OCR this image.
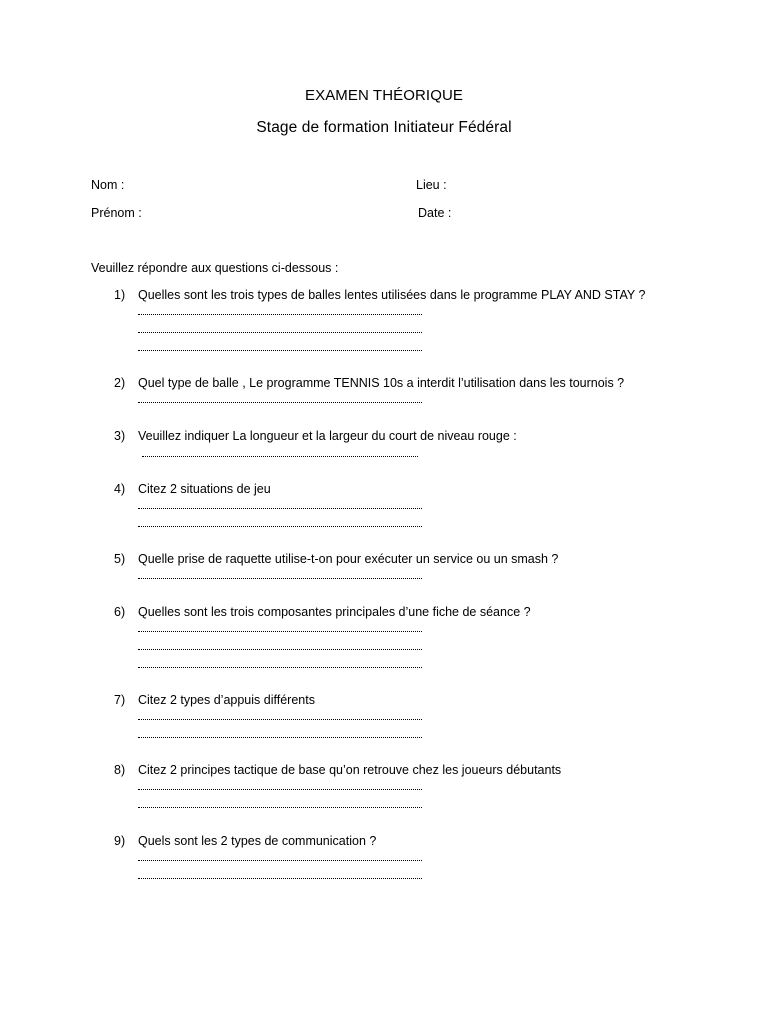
EXAMEN THÉORIQUE
Stage de formation Initiateur Fédéral
Nom :	Lieu :
Prénom :	Date :
Veuillez répondre aux questions ci-dessous :
1) Quelles sont les trois types de balles lentes utilisées dans le programme PLAY AND STAY ?
2) Quel type de balle , Le programme TENNIS 10s a interdit l’utilisation dans les tournois ?
3) Veuillez indiquer La longueur et la largeur du court de niveau rouge :
4) Citez 2 situations de jeu
5) Quelle prise de raquette utilise-t-on pour exécuter un service ou un smash ?
6) Quelles sont les trois composantes principales d’une fiche de séance ?
7) Citez 2 types d’appuis différents
8) Citez 2 principes tactique de base qu’on retrouve chez les joueurs débutants
9) Quels sont les 2 types de communication ?
